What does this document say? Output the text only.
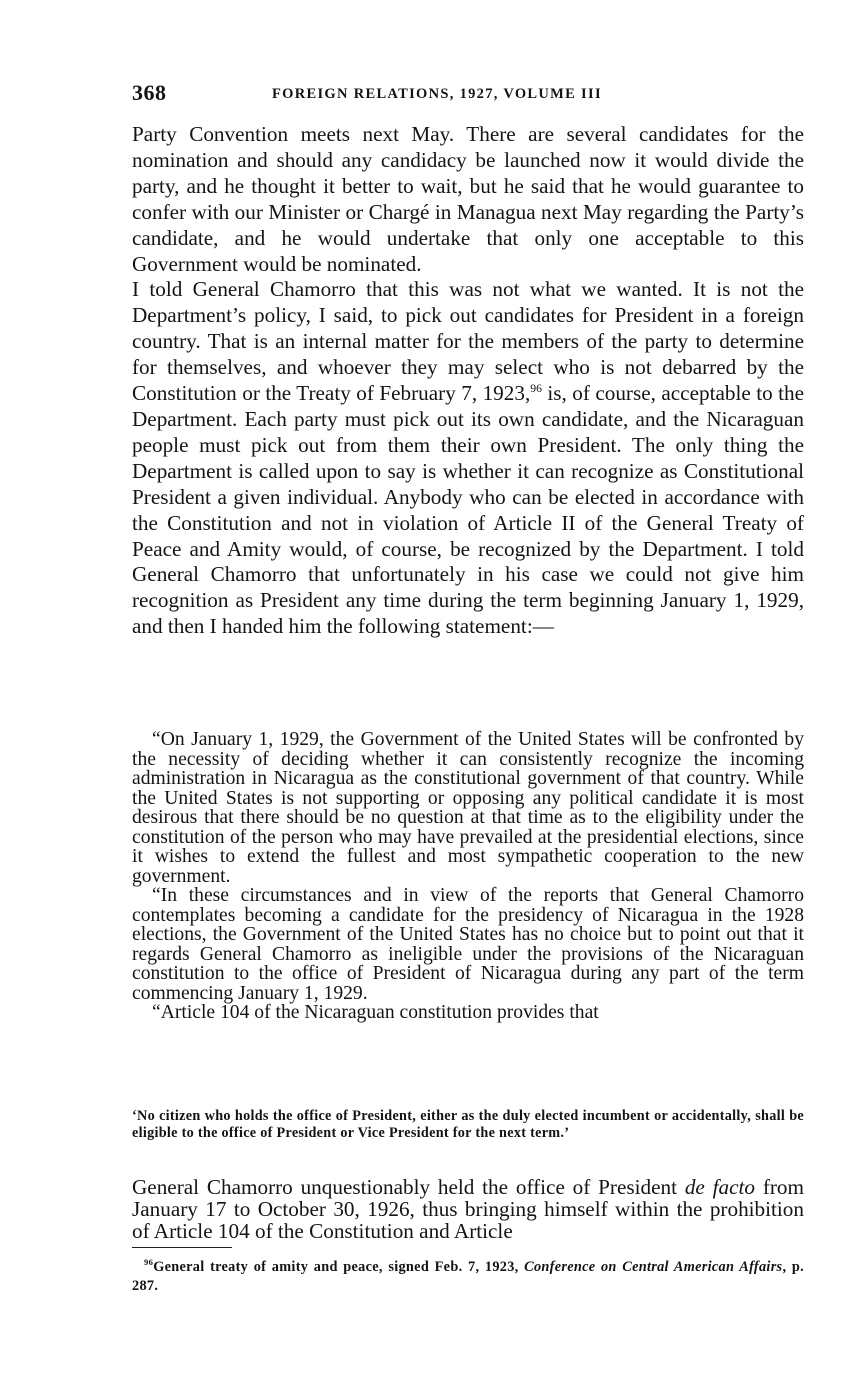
368	FOREIGN RELATIONS, 1927, VOLUME III

Party Convention meets next May. There are several candidates for the nomination and should any candidacy be launched now it would divide the party, and he thought it better to wait, but he said that he would guarantee to confer with our Minister or Chargé in Managua next May regarding the Party’s candidate, and he would undertake that only one acceptable to this Government would be nominated.

I told General Chamorro that this was not what we wanted. It is not the Department’s policy, I said, to pick out candidates for President in a foreign country. That is an internal matter for the members of the party to determine for themselves, and whoever they may select who is not debarred by the Constitution or the Treaty of February 7, 1923,96 is, of course, acceptable to the Department. Each party must pick out its own candidate, and the Nicaraguan people must pick out from them their own President. The only thing the Department is called upon to say is whether it can recognize as Constitutional President a given individual. Anybody who can be elected in accordance with the Constitution and not in violation of Article II of the General Treaty of Peace and Amity would, of course, be recognized by the Department. I told General Chamorro that unfortunately in his case we could not give him recognition as President any time during the term beginning January 1, 1929, and then I handed him the following statement:—

“On January 1, 1929, the Government of the United States will be confronted by the necessity of deciding whether it can consistently recognize the incoming administration in Nicaragua as the constitutional government of that country. While the United States is not supporting or opposing any political candidate it is most desirous that there should be no question at that time as to the eligibility under the constitution of the person who may have prevailed at the presidential elections, since it wishes to extend the fullest and most sympathetic cooperation to the new government.

“In these circumstances and in view of the reports that General Chamorro contemplates becoming a candidate for the presidency of Nicaragua in the 1928 elections, the Government of the United States has no choice but to point out that it regards General Chamorro as ineligible under the provisions of the Nicaraguan constitution to the office of President of Nicaragua during any part of the term commencing January 1, 1929.

“Article 104 of the Nicaraguan constitution provides that

‘No citizen who holds the office of President, either as the duly elected incumbent or accidentally, shall be eligible to the office of President or Vice President for the next term.’

General Chamorro unquestionably held the office of President de facto from January 17 to October 30, 1926, thus bringing himself within the prohibition of Article 104 of the Constitution and Article

$^{96}$General treaty of amity and peace, signed Feb. 7, 1923, Conference on Central American Affairs, p. 287.
